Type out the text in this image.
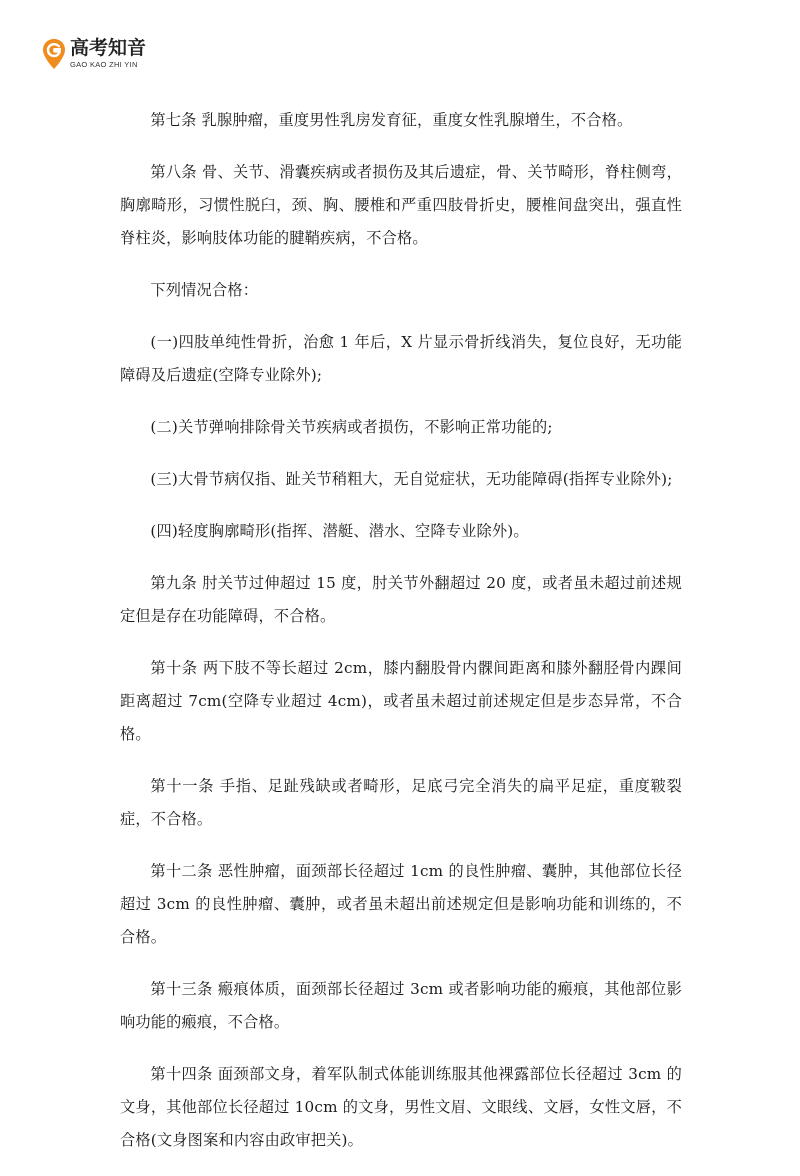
高考知音
GAO KAO ZHI YIN

第七条 乳腺肿瘤，重度男性乳房发育征，重度女性乳腺增生，不合格。

第八条 骨、关节、滑囊疾病或者损伤及其后遗症，骨、关节畸形，脊柱侧弯，胸廓畸形，习惯性脱臼，颈、胸、腰椎和严重四肢骨折史，腰椎间盘突出，强直性脊柱炎，影响肢体功能的腱鞘疾病，不合格。

下列情况合格：

(一)四肢单纯性骨折，治愈 1 年后，X 片显示骨折线消失，复位良好，无功能障碍及后遗症(空降专业除外);

(二)关节弹响排除骨关节疾病或者损伤，不影响正常功能的;

(三)大骨节病仅指、趾关节稍粗大，无自觉症状，无功能障碍(指挥专业除外);

(四)轻度胸廓畸形(指挥、潜艇、潜水、空降专业除外)。

第九条 肘关节过伸超过 15 度，肘关节外翻超过 20 度，或者虽未超过前述规定但是存在功能障碍，不合格。

第十条 两下肢不等长超过 2cm，膝内翻股骨内髁间距离和膝外翻胫骨内踝间距离超过 7cm(空降专业超过 4cm)，或者虽未超过前述规定但是步态异常，不合格。

第十一条 手指、足趾残缺或者畸形，足底弓完全消失的扁平足症，重度皲裂症，不合格。

第十二条 恶性肿瘤，面颈部长径超过 1cm 的良性肿瘤、囊肿，其他部位长径超过 3cm 的良性肿瘤、囊肿，或者虽未超出前述规定但是影响功能和训练的，不合格。

第十三条 瘢痕体质，面颈部长径超过 3cm 或者影响功能的瘢痕，其他部位影响功能的瘢痕，不合格。

第十四条 面颈部文身，着军队制式体能训练服其他裸露部位长径超过 3cm 的文身，其他部位长径超过 10cm 的文身，男性文眉、文眼线、文唇，女性文唇，不合格(文身图案和内容由政审把关)。
